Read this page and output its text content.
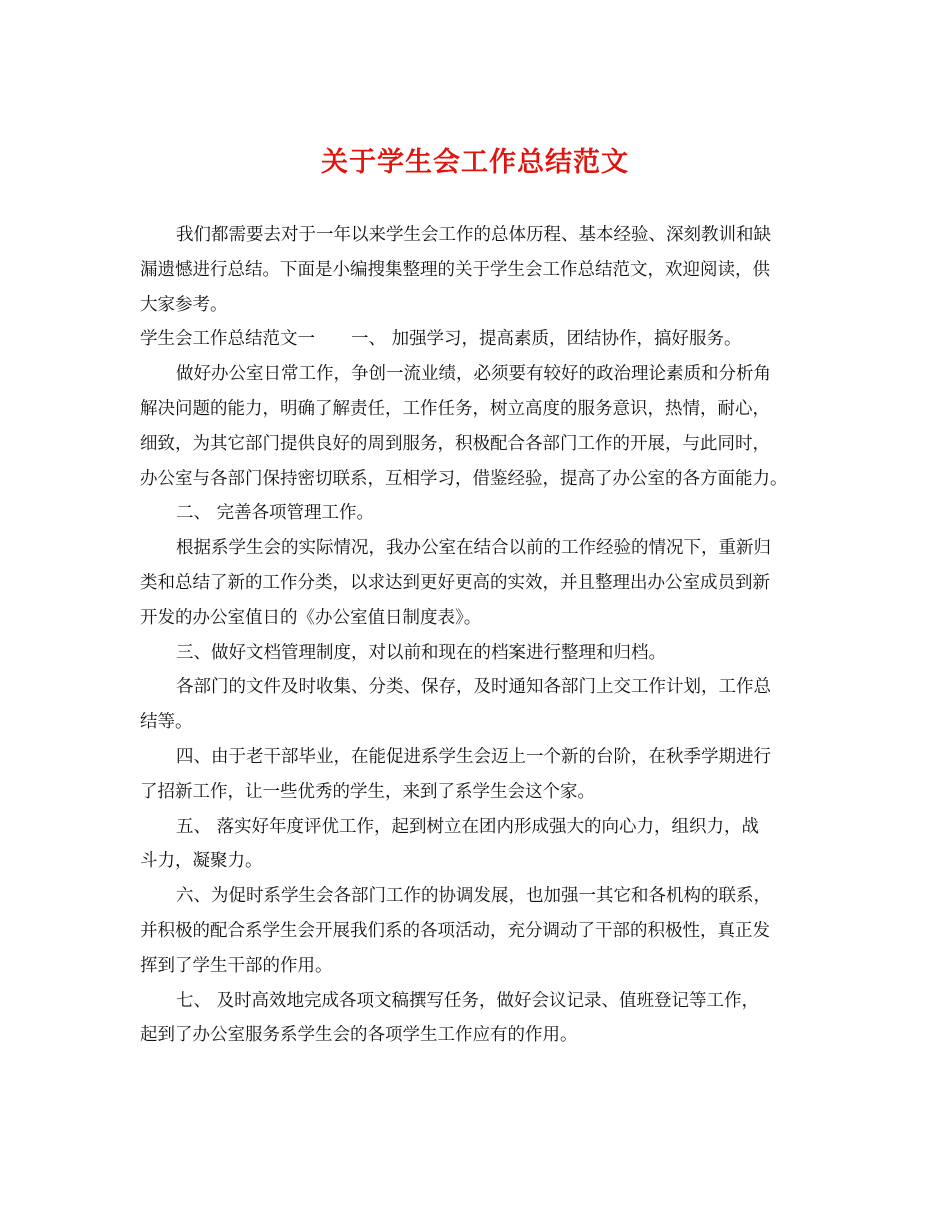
关于学生会工作总结范文
我们都需要去对于一年以来学生会工作的总体历程、基本经验、深刻教训和缺
漏遗憾进行总结。下面是小编搜集整理的关于学生会工作总结范文，欢迎阅读，供
大家参考。
学生会工作总结范文一 一、 加强学习，提高素质，团结协作，搞好服务。
做好办公室日常工作，争创一流业绩，必须要有较好的政治理论素质和分析角
解决问题的能力，明确了解责任，工作任务，树立高度的服务意识，热情，耐心，
细致，为其它部门提供良好的周到服务，积极配合各部门工作的开展，与此同时，
办公室与各部门保持密切联系，互相学习，借鉴经验，提高了办公室的各方面能力。
二、 完善各项管理工作。
根据系学生会的实际情况，我办公室在结合以前的工作经验的情况下，重新归
类和总结了新的工作分类，以求达到更好更高的实效，并且整理出办公室成员到新
开发的办公室值日的《办公室值日制度表》。
三、做好文档管理制度，对以前和现在的档案进行整理和归档。
各部门的文件及时收集、分类、保存，及时通知各部门上交工作计划，工作总
结等。
四、由于老干部毕业，在能促进系学生会迈上一个新的台阶，在秋季学期进行
了招新工作，让一些优秀的学生，来到了系学生会这个家。
五、 落实好年度评优工作，起到树立在团内形成强大的向心力，组织力，战
斗力，凝聚力。
六、为促时系学生会各部门工作的协调发展，也加强一其它和各机构的联系，
并积极的配合系学生会开展我们系的各项活动，充分调动了干部的积极性，真正发
挥到了学生干部的作用。
七、 及时高效地完成各项文稿撰写任务，做好会议记录、值班登记等工作，
起到了办公室服务系学生会的各项学生工作应有的作用。
